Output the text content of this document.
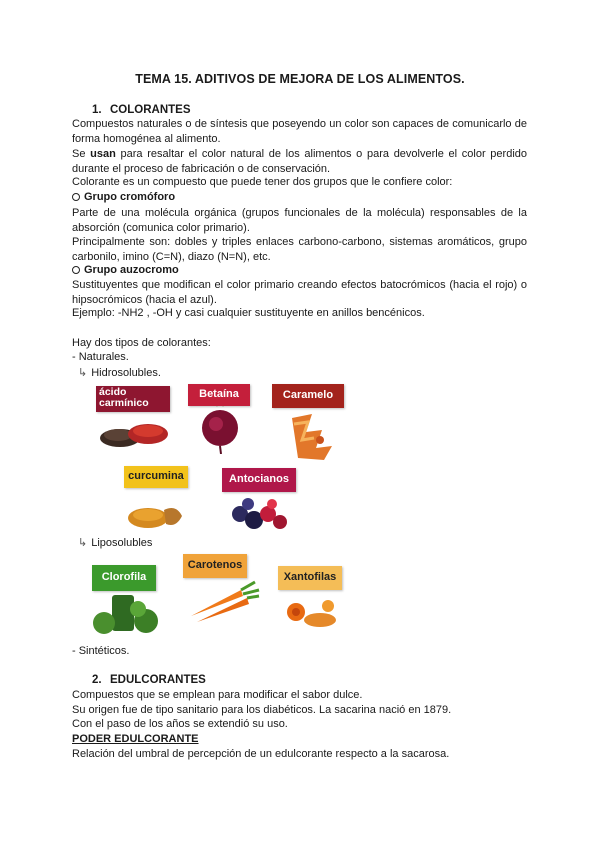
TEMA 15. ADITIVOS DE MEJORA DE LOS ALIMENTOS.
1. COLORANTES
Compuestos naturales o de síntesis que poseyendo un color son capaces de comunicarlo de forma homogénea al alimento.
Se usan para resaltar el color natural de los alimentos o para devolverle el color perdido durante el proceso de fabricación o de conservación.
Colorante es un compuesto que puede tener dos grupos que le confiere color:
Grupo cromóforo
Parte de una molécula orgánica (grupos funcionales de la molécula) responsables de la absorción (comunica color primario).
Principalmente son: dobles y triples enlaces carbono-carbono, sistemas aromáticos, grupo carbonilo, imino (C=N), diazo (N=N), etc.
Grupo auzocromo
Sustituyentes que modifican el color primario creando efectos batocrómicos (hacia el rojo) o hipsocrómicos (hacia el azul).
Ejemplo: -NH2 , -OH y casi cualquier sustituyente en anillos bencénicos.
Hay dos tipos de colorantes:
- Naturales.
↳ Hidrosolubles.
ácido carmínico
Betaína	Caramelo
curcumina	Antocianos
↳ Liposolubles
Clorofila
Carotenos
Xantofilas
- Sintéticos.
2. EDULCORANTES
Compuestos que se emplean para modificar el sabor dulce.
Su origen fue de tipo sanitario para los diabéticos. La sacarina nació en 1879.
Con el paso de los años se extendió su uso.
PODER EDULCORANTE
Relación del umbral de percepción de un edulcorante respecto a la sacarosa.
